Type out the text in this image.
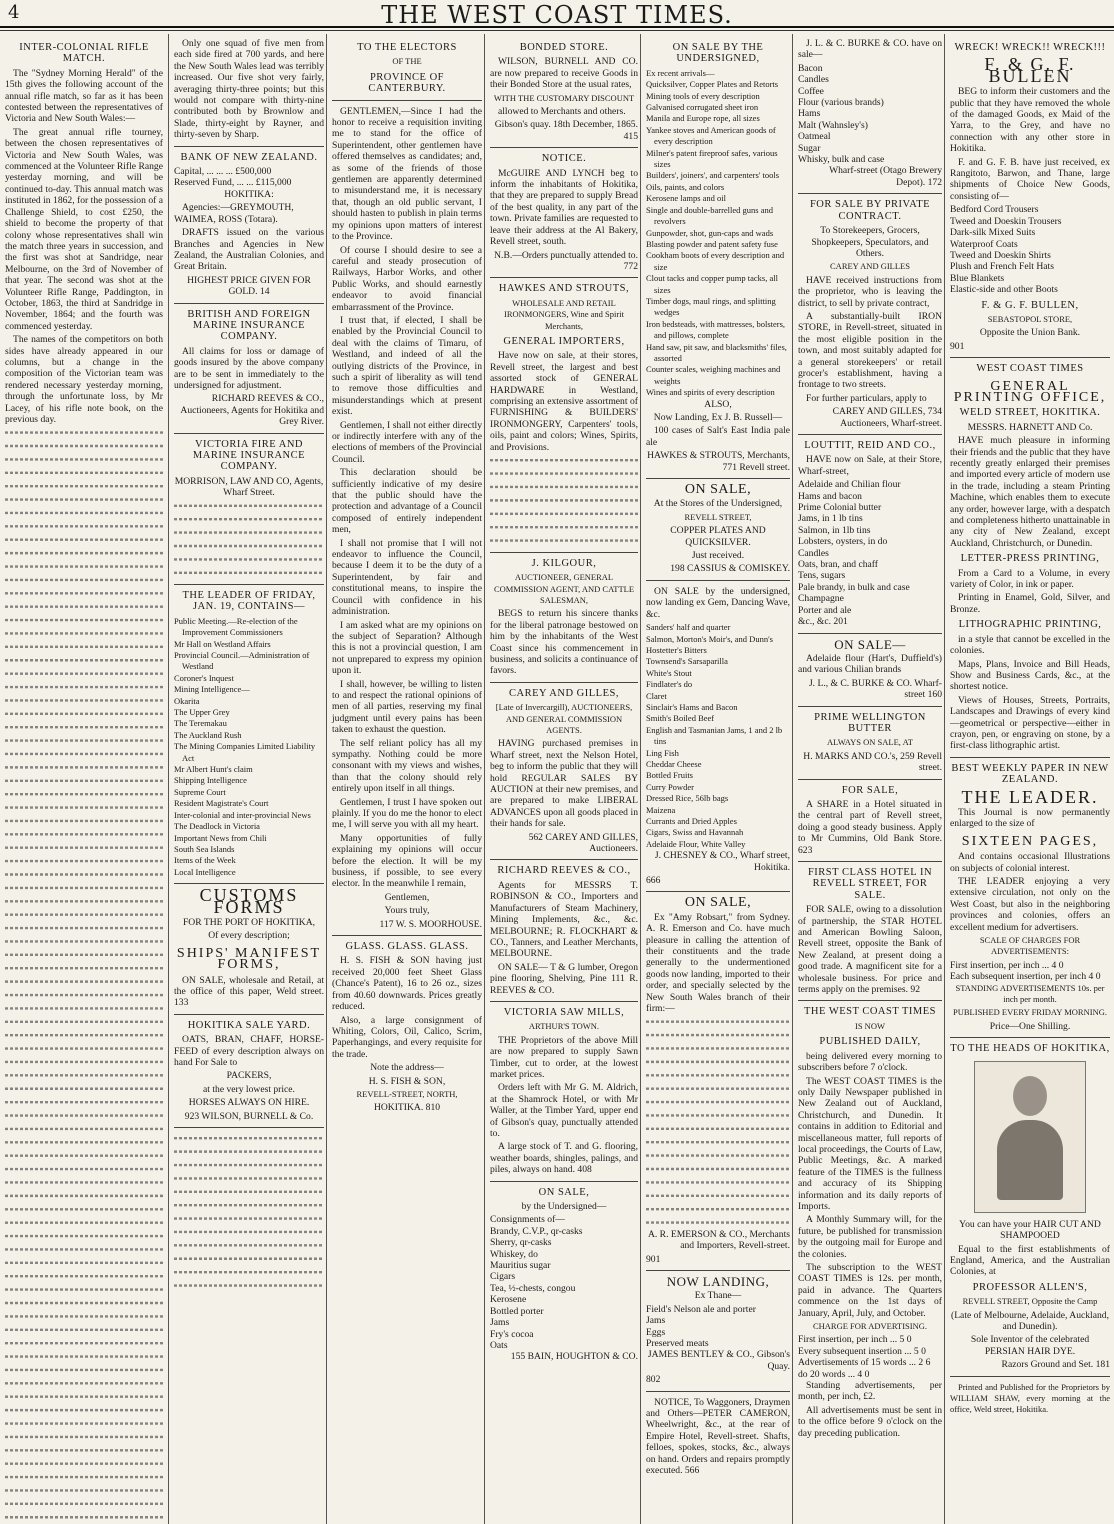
4	THE WEST COAST TIMES.
INTER-COLONIAL RIFLE MATCH.

The "Sydney Morning Herald" of the 15th gives the following account of the annual rifle match, so far as it has been contested between the representatives of Victoria and New South Wales:—

The great annual rifle tourney, between the chosen representatives of Victoria and New South Wales, was commenced at the Volunteer Rifle Range yesterday morning, and will be continued to-day. This annual match was instituted in 1862, for the possession of a Challenge Shield, to cost £250, the shield to become the property of that colony whose representatives shall win the match three years in succession, and the first was shot at Sandridge, near Melbourne, on the 3rd of November of that year. The second was shot at the Volunteer Rifle Range, Paddington, in October, 1863, the third at Sandridge in November, 1864; and the fourth was commenced yesterday.

The names of the competitors on both sides have already appeared in our columns, but a change in the composition of the Victorian team was rendered necessary yesterday morning, through the unfortunate loss, by Mr Lacey, of his rifle note book, on the previous day.

Only one squad of five men from each side fired at 700 yards, and here the New South Wales lead was terribly increased. Our five shot very fairly, averaging thirty-three points; but this would not compare with thirty-nine contributed both by Brownlow and Slade, thirty-eight by Rayner, and thirty-seven by Sharp.

BANK OF NEW ZEALAND.
Capital, ... ... ... £500,000
Reserved Fund, ... ... £115,000

HOKITIKA:

Agencies:—GREYMOUTH, WAIMEA, ROSS (Totara).

DRAFTS issued on the various Branches and Agencies in New Zealand, the Australian Colonies, and Great Britain.

HIGHEST PRICE GIVEN FOR GOLD. 14

BRITISH AND FOREIGN MARINE INSURANCE COMPANY.

All claims for loss or damage of goods insured by the above company are to be sent in immediately to the undersigned for adjustment.

RICHARD REEVES & CO., Auctioneers, Agents for Hokitika and Grey River.

VICTORIA FIRE AND MARINE INSURANCE COMPANY.

MORRISON, LAW AND CO, Agents, Wharf Street.

THE LEADER OF FRIDAY, JAN. 19, CONTAINS—
Public Meeting.—Re-election of the Improvement Commissioners
Mr Hall on Westland Affairs
Provincial Council.—Administration of Westland
Coroner's Inquest
Mining Intelligence—
Okarita
The Upper Grey
The Teremakau
The Auckland Rush
The Mining Companies Limited Liability Act
Mr Albert Hunt's claim
Shipping Intelligence
Supreme Court
Resident Magistrate's Court
Inter-colonial and inter-provincial News
The Deadlock in Victoria
Important News from Chili
South Sea Islands
Items of the Week
Local Intelligence
CUSTOMS FORMS

FOR THE PORT OF HOKITIKA,

Of every description;

SHIPS' MANIFEST FORMS,

ON SALE, wholesale and Retail, at the office of this paper, Weld street. 133

HOKITIKA SALE YARD.

OATS, BRAN, CHAFF, HORSE-FEED of every description always on hand For Sale to

PACKERS,

at the very lowest price.

HORSES ALWAYS ON HIRE.

923 WILSON, BURNELL & Co.

TO THE ELECTORS

OF THE

PROVINCE OF CANTERBURY.

GENTLEMEN,—Since I had the honor to receive a requisition inviting me to stand for the office of Superintendent, other gentlemen have offered themselves as candidates; and, as some of the friends of those gentlemen are apparently determined to misunderstand me, it is necessary that, though an old public servant, I should hasten to publish in plain terms my opinions upon matters of interest to the Province.

Of course I should desire to see a careful and steady prosecution of Railways, Harbor Works, and other Public Works, and should earnestly endeavor to avoid financial embarrassment of the Province.

I trust that, if elected, I shall be enabled by the Provincial Council to deal with the claims of Timaru, of Westland, and indeed of all the outlying districts of the Province, in such a spirit of liberality as will tend to remove those difficulties and misunderstandings which at present exist.

Gentlemen, I shall not either directly or indirectly interfere with any of the elections of members of the Provincial Council.

This declaration should be sufficiently indicative of my desire that the public should have the protection and advantage of a Council composed of entirely independent men,

I shall not promise that I will not endeavor to influence the Council, because I deem it to be the duty of a Superintendent, by fair and constitutional means, to inspire the Council with confidence in his administration.

I am asked what are my opinions on the subject of Separation? Although this is not a provincial question, I am not unprepared to express my opinion upon it.

I shall, however, be willing to listen to and respect the rational opinions of men of all parties, reserving my final judgment until every pains has been taken to exhaust the question.

The self reliant policy has all my sympathy. Nothing could be more consonant with my views and wishes, than that the colony should rely entirely upon itself in all things.

Gentlemen, I trust I have spoken out plainly. If you do me the honor to elect me, I will serve you with all my heart.

Many opportunities of fully explaining my opinions will occur before the election. It will be my business, if possible, to see every elector. In the meanwhile I remain,

Gentlemen,

Yours truly,

117 W. S. MOORHOUSE.

GLASS. GLASS. GLASS.

H. S. FISH & SON having just received 20,000 feet Sheet Glass (Chance's Patent), 16 to 26 oz., sizes from 40.60 downwards. Prices greatly reduced.

Also, a large consignment of Whiting, Colors, Oil, Calico, Scrim, Paperhangings, and every requisite for the trade.

Note the address—

H. S. FISH & SON,

REVELL-STREET, NORTH,

HOKITIKA. 810

BONDED STORE.

WILSON, BURNELL AND CO. are now prepared to receive Goods in their Bonded Store at the usual rates,

WITH THE CUSTOMARY DISCOUNT

allowed to Merchants and others.

Gibson's quay. 18th December, 1865. 415

NOTICE.

McGUIRE AND LYNCH beg to inform the inhabitants of Hokitika, that they are prepared to supply Bread of the best quality, in any part of the town. Private families are requested to leave their address at the Al Bakery, Revell street, south.

N.B.—Orders punctually attended to. 772

HAWKES AND STROUTS,

WHOLESALE AND RETAIL IRONMONGERS, Wine and Spirit Merchants,

GENERAL IMPORTERS,

Have now on sale, at their stores, Revell street, the largest and best assorted stock of GENERAL HARDWARE in Westland, comprising an extensive assortment of FURNISHING & BUILDERS' IRONMONGERY, Carpenters' tools, oils, paint and colors; Wines, Spirits, and Provisions.

J. KILGOUR,

AUCTIONEER, GENERAL COMMISSION AGENT, AND CATTLE SALESMAN,

BEGS to return his sincere thanks for the liberal patronage bestowed on him by the inhabitants of the West Coast since his commencement in business, and solicits a continuance of favors.

CAREY AND GILLES,

[Late of Invercargill), AUCTIONEERS, AND GENERAL COMMISSION AGENTS.

HAVING purchased premises in Wharf street, next the Nelson Hotel, beg to inform the public that they will hold REGULAR SALES BY AUCTION at their new premises, and are prepared to make LIBERAL ADVANCES upon all goods placed in their hands for sale.

562 CAREY AND GILLES, Auctioneers.

RICHARD REEVES & CO.,

Agents for MESSRS T. ROBINSON & CO., Importers and Manufacturers of Steam Machinery, Mining Implements, &c., &c. MELBOURNE; R. FLOCKHART & CO., Tanners, and Leather Merchants, MELBOURNE.

ON SALE— T & G lumber, Oregon pine flooring, Shelving, Pine 111 R. REEVES & CO.

VICTORIA SAW MILLS,

ARTHUR'S TOWN.

THE Proprietors of the above Mill are now prepared to supply Sawn Timber, cut to order, at the lowest market prices.

Orders left with Mr G. M. Aldrich, at the Shamrock Hotel, or with Mr Waller, at the Timber Yard, upper end of Gibson's quay, punctually attended to.

A large stock of T. and G. flooring, weather boards, shingles, palings, and piles, always on hand. 408

ON SALE,

by the Undersigned—

Consignments of—
Brandy, C.V.P., qr-casks
Sherry, qr-casks
Whiskey, do
Mauritius sugar
Cigars
Tea, ½-chests, congou
Kerosene
Bottled porter
Jams
Fry's cocoa
Oats

155 BAIN, HOUGHTON & CO.

ON SALE BY THE UNDERSIGNED,
Ex recent arrivals—
Quicksilver, Copper Plates and Retorts
Mining tools of every description
Galvanised corrugated sheet iron
Manila and Europe rope, all sizes
Yankee stoves and American goods of every description
Milner's patent fireproof safes, various sizes
Builders', joiners', and carpenters' tools
Oils, paints, and colors
Kerosene lamps and oil
Single and double-barrelled guns and revolvers
Gunpowder, shot, gun-caps and wads
Blasting powder and patent safety fuse
Cookham boots of every description and size
Clout tacks and copper pump tacks, all sizes
Timber dogs, maul rings, and splitting wedges
Iron bedsteads, with mattresses, bolsters, and pillows, complete
Hand saw, pit saw, and blacksmiths' files, assorted
Counter scales, weighing machines and weights
Wines and spirits of every description

ALSO,

Now Landing, Ex J. B. Russell—

100 cases of Salt's East India pale ale

HAWKES & STROUTS, Merchants, 771 Revell street.

ON SALE,

At the Stores of the Undersigned,

REVELL STREET,

COPPER PLATES AND QUICKSILVER.

Just received.

198 CASSIUS & COMISKEY.

ON SALE by the undersigned, now landing ex Gem, Dancing Wave, &c.

Sanders' half and quarter
Salmon, Morton's Moir's, and Dunn's
Hostetter's Bitters
Townsend's Sarsaparilla
White's Stout
Findlater's do
Claret
Sinclair's Hams and Bacon
Smith's Boiled Beef
English and Tasmanian Jams, 1 and 2 lb tins
Ling Fish
Cheddar Cheese
Bottled Fruits
Curry Powder
Dressed Rice, 56lb bags
Maizena
Currants and Dried Apples
Cigars, Swiss and Havannah
Adelaide Flour, White Valley

J. CHESNEY & CO., Wharf street, Hokitika.

666

ON SALE,

Ex "Amy Robsart," from Sydney. A. R. Emerson and Co. have much pleasure in calling the attention of their constituents and the trade generally to the undermentioned goods now landing, imported to their order, and specially selected by the New South Wales branch of their firm:—

A. R. EMERSON & CO., Merchants and Importers, Revell-street.

901

NOW LANDING,

Ex Thane—

Field's Nelson ale and porter
Jams
Eggs
Preserved meats

JAMES BENTLEY & CO., Gibson's Quay.

802

NOTICE, To Waggoners, Draymen and Others—PETER CAMERON, Wheelwright, &c., at the rear of Empire Hotel, Revell-street. Shafts, felloes, spokes, stocks, &c., always on hand. Orders and repairs promptly executed. 566

J. L. & C. BURKE & CO. have on sale—

Bacon
Candles
Coffee
Flour (various brands)
Hams
Malt (Wahnsley's)
Oatmeal
Sugar
Whisky, bulk and case

Wharf-street (Otago Brewery Depot). 172

FOR SALE BY PRIVATE CONTRACT.

To Storekeepers, Grocers, Shopkeepers, Speculators, and Others.

CAREY AND GILLES

HAVE received instructions from the proprietor, who is leaving the district, to sell by private contract,

A substantially-built IRON STORE, in Revell-street, situated in the most eligible position in the town, and most suitably adapted for a general storekeepers' or retail grocer's establishment, having a frontage to two streets.

For further particulars, apply to

CAREY AND GILLES, 734 Auctioneers, Wharf-street.

LOUTTIT, REID AND CO.,

HAVE now on Sale, at their Store, Wharf-street,

Adelaide and Chilian flour
Hams and bacon
Prime Colonial butter
Jams, in 1 lb tins
Salmon, in 1lb tins
Lobsters, oysters, in do
Candles
Oats, bran, and chaff
Tens, sugars
Pale brandy, in bulk and case
Champagne
Porter and ale
&c., &c. 201
ON SALE—

Adelaide flour (Hart's, Duffield's) and various Chilian brands

J. L., & C. BURKE & CO. Wharf-street 160

PRIME WELLINGTON BUTTER

ALWAYS ON SALE, AT

H. MARKS AND CO.'s, 259 Revell street.

FOR SALE,

A SHARE in a Hotel situated in the central part of Revell street, doing a good steady business. Apply to Mr Cummins, Old Bank Store. 623

FIRST CLASS HOTEL IN REVELL STREET, FOR SALE.

FOR SALE, owing to a dissolution of partnership, the STAR HOTEL and American Bowling Saloon, Revell street, opposite the Bank of New Zealand, at present doing a good trade. A magnificent site for a wholesale business. For price and terms apply on the premises. 92

THE WEST COAST TIMES

IS NOW

PUBLISHED DAILY,

being delivered every morning to subscribers before 7 o'clock.

The WEST COAST TIMES is the only Daily Newspaper published in New Zealand out of Auckland, Christchurch, and Dunedin. It contains in addition to Editorial and miscellaneous matter, full reports of local proceedings, the Courts of Law, Public Meetings, &c. A marked feature of the TIMES is the fullness and accuracy of its Shipping information and its daily reports of Imports.

A Monthly Summary will, for the future, be published for transmission by the outgoing mail for Europe and the colonies.

The subscription to the WEST COAST TIMES is 12s. per month, paid in advance. The Quarters commence on the 1st days of January, April, July, and October.

CHARGE FOR ADVERTISING.

First insertion, per inch ... 5 0
Every subsequent insertion ... 5 0
Advertisements of 15 words ... 2 6
do 20 words ... 4 0

Standing advertisements, per month, per inch, £2.

All advertisements must be sent in to the office before 9 o'clock on the day preceding publication.

WRECK! WRECK!! WRECK!!!
F. & G. F. BULLEN

BEG to inform their customers and the public that they have removed the whole of the damaged Goods, ex Maid of the Yarra, to the Grey, and have no connection with any other store in Hokitika.

F. and G. F. B. have just received, ex Rangitoto, Barwon, and Thane, large shipments of Choice New Goods, consisting of—

Bedford Cord Trousers
Tweed and Doeskin Trousers
Dark-silk Mixed Suits
Waterproof Coats
Tweed and Doeskin Shirts
Plush and French Felt Hats
Blue Blankets
Elastic-side and other Boots
F. & G. F. BULLEN,

SEBASTOPOL STORE,

Opposite the Union Bank.

901

WEST COAST TIMES
GENERAL PRINTING OFFICE,
WELD STREET, HOKITIKA.

MESSRS. HARNETT AND Co.

HAVE much pleasure in informing their friends and the public that they have recently greatly enlarged their premises and imported every article of modern use in the trade, including a steam Printing Machine, which enables them to execute any order, however large, with a despatch and completeness hitherto unattainable in any city of New Zealand, except Auckland, Christchurch, or Dunedin.

LETTER-PRESS PRINTING,

From a Card to a Volume, in every variety of Color, in ink or paper.

Printing in Enamel, Gold, Silver, and Bronze.

LITHOGRAPHIC PRINTING,

in a style that cannot be excelled in the colonies.

Maps, Plans, Invoice and Bill Heads, Show and Business Cards, &c., at the shortest notice.

Views of Houses, Streets, Portraits, Landscapes and Drawings of every kind —geometrical or perspective—either in crayon, pen, or engraving on stone, by a first-class lithographic artist.

BEST WEEKLY PAPER IN NEW ZEALAND.
THE LEADER.

This Journal is now permanently enlarged to the size of

SIXTEEN PAGES,

And contains occasional Illustrations on subjects of colonial interest.

THE LEADER enjoying a very extensive circulation, not only on the West Coast, but also in the neighboring provinces and colonies, offers an excellent medium for advertisers.

SCALE OF CHARGES FOR ADVERTISEMENTS:

First insertion, per inch ... 4 0
Each subsequent insertion, per inch 4 0

STANDING ADVERTISEMENTS 10s. per inch per month.

PUBLISHED EVERY FRIDAY MORNING.

Price—One Shilling.

TO THE HEADS OF HOKITIKA,

You can have your HAIR CUT AND SHAMPOOED

Equal to the first establishments of England, America, and the Australian Colonies, at

PROFESSOR ALLEN'S,

REVELL STREET, Opposite the Camp

(Late of Melbourne, Adelaide, Auckland, and Dunedin).

Sole Inventor of the celebrated PERSIAN HAIR DYE.

Razors Ground and Set. 181

Printed and Published for the Proprietors by WILLIAM SHAW, every morning at the office, Weld street, Hokitika.
